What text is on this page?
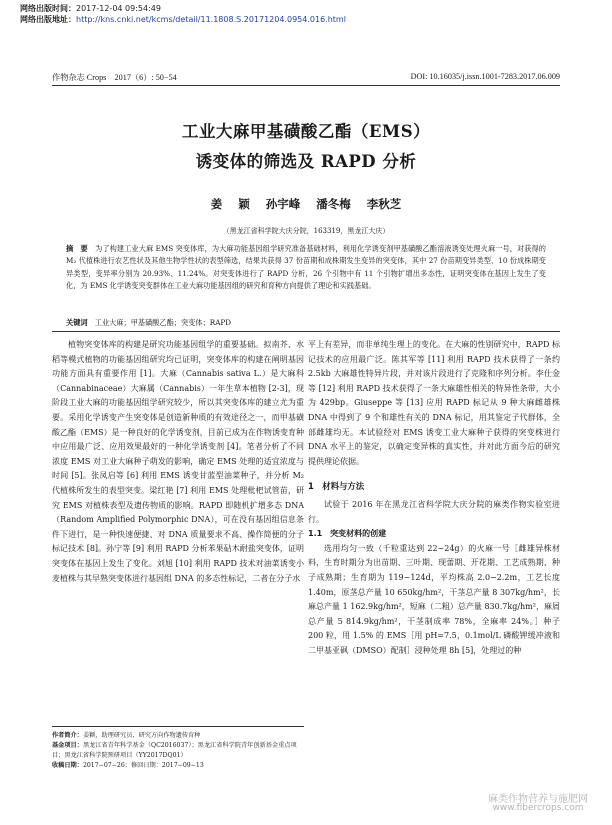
网络出版时间：2017-12-04 09:54:49
网络出版地址：http://kns.cnki.net/kcms/detail/11.1808.S.20171204.0954.016.html
作物杂志 Crops　2017（6）: 50−54	DOI: 10.16035/j.issn.1001-7283.2017.06.009
工业大麻甲基磺酸乙酯（EMS）
诱变体的筛选及 RAPD 分析
姜 颖 孙宇峰 潘冬梅 李秋芝
（黑龙江省科学院大庆分院，163319，黑龙江大庆）
摘　要　 为了构建工业大麻 EMS 突变体库，为大麻功能基因组学研究准备基础材料，利用化学诱变剂甲基磺酸乙酯溶液诱变处理火麻一号，对获得的 M₂ 代植株进行农艺性状及其他生物学性状的表型筛选，结果共获得 37 份苗期和成株期发生变异的突变体，其中 27 份苗期变异类型、10 份成株期变异类型，变异率分别为 20.93%、11.24%。对突变体进行了 RAPD 分析，26 个引物中有 11 个引物扩增出多态性，证明突变体在基因上发生了变化，为 EMS 化学诱变突变群体在工业大麻功能基因组的研究和育种方向提供了理论和实践基础。
关键词　 工业大麻；甲基磺酸乙酯；突变体；RAPD

植物突变体库的构建是研究功能基因组学的重要基础。拟南芥、水稻等模式植物的功能基因组研究均已证明，突变体库的构建在阐明基因功能方面具有重要作用 [1]。大麻（Cannabis sativa L.）是大麻科（Cannabinaceae）大麻属（Cannabis）一年生草本植物 [2-3]，现阶段工业大麻的功能基因组学研究较少，所以其突变体库的建立尤为重要。采用化学诱变产生突变体是创造新种质的有效途径之一，而甲基磺酸乙酯（EMS）是一种良好的化学诱变剂，目前已成为在作物诱变育种中应用最广泛、应用效果最好的一种化学诱变剂 [4]。笔者分析了不同浓度 EMS 对工业大麻种子萌发的影响，确定 EMS 处理的适宜浓度与时间 [5]。张凤启等 [6] 利用 EMS 诱变甘蓝型油菜种子，并分析 M₂ 代植株所发生的表型突变。梁红艳 [7] 利用 EMS 处理枇杷试管苗，研究 EMS 对植株表型及遗传物质的影响。RAPD 即随机扩增多态 DNA（Random Amplified Polymorphic DNA），可在没有基因组信息条件下进行，是一种快速便捷、对 DNA 质量要求不高、操作简便的分子标记技术 [8]。孙宁等 [9] 利用 RAPD 分析苯果砧木耐盐突变体，证明突变体在基因上发生了变化。刘旭 [10] 利用 RAPD 技术对油菜诱变小麦植株与其早熟突变体进行基因组 DNA 的多态性标记，二者在分子水

平上有差异，而非单纯生理上的变化。在大麻的性别研究中，RAPD 标记技术的应用最广泛。陈其军等 [11] 利用 RAPD 技术获得了一条约 2.5kb 大麻雄性特异片段，并对该片段进行了克隆和序列分析。李仕金等 [12] 利用 RAPD 技术获得了一条大麻雄性相关的特异性条带，大小为 429bp。Giuseppe 等 [13] 应用 RAPD 标记从 9 种大麻雌雄株 DNA 中得到了 9 个和雄性有关的 DNA 标记，用其鉴定子代群体，全部雌雄均无。本试验经对 EMS 诱变工业大麻种子获得的突变株进行 DNA 水平上的鉴定，以确定变异株的真实性，并对此方面今后的研究提供理论依据。

1　材料与方法

试验于 2016 年在黑龙江省科学院大庆分院的麻类作物实验室进行。

1.1　突变材料的创建

选用均匀一致（千粒重达到 22~24g）的火麻一号［雌雄异株材料，生育时期分为出苗期、三叶期、现蕾期、开花期、工艺成熟期、种子成熟期；生育期为 119~124d，平均株高 2.0~2.2m，工艺长度 1.40m，原茎总产量 10 650kg/hm²，干茎总产量 8 307kg/hm²，长麻总产量 1 162.9kg/hm²，短麻（二粗）总产量 830.7kg/hm²，麻屑总产量 5 814.9kg/hm²，干茎制成率 78%，全麻率 24%。］种子 200 粒，用 1.5% 的 EMS［用 pH=7.5，0.1mol/L 磷酸钾缓冲液和二甲基亚砜（DMSO）配制］浸种处理 8h [5]，处理过的种

作者简介：姜颖，助理研究员，研究方向作物遗传育种
基金项目：黑龙江省青年科学基金（QC2016037）；黑龙江省科学院青年创新基金重点项目；黑龙江省科学院预研项目（YY2017DQ01）
收稿日期：2017−07−26；修回日期：2017−09−13
麻类作物营养与施肥网
www.fibercrops.com
